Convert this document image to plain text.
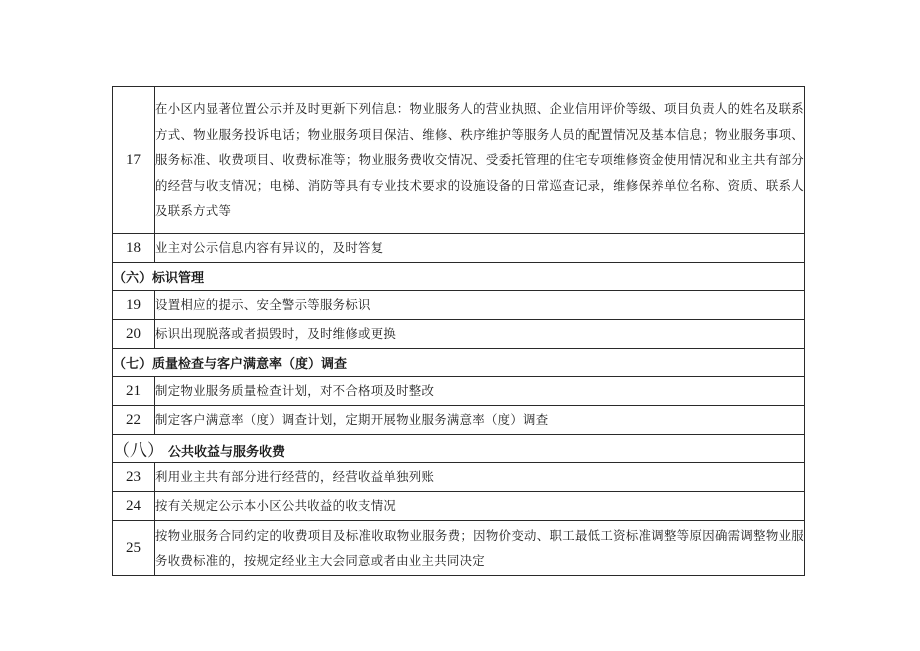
17	在小区内显著位置公示并及时更新下列信息：物业服务人的营业执照、企业信用评价等级、项目负责人的姓名及联系方式、物业服务投诉电话；物业服务项目保洁、维修、秩序维护等服务人员的配置情况及基本信息；物业服务事项、服务标准、收费项目、收费标准等；物业服务费收交情况、受委托管理的住宅专项维修资金使用情况和业主共有部分的经营与收支情况；电梯、消防等具有专业技术要求的设施设备的日常巡查记录，维修保养单位名称、资质、联系人及联系方式等
18	业主对公示信息内容有异议的，及时答复
（六）标识管理	
19	设置相应的提示、安全警示等服务标识
20	标识出现脱落或者损毁时，及时维修或更换
（七）质量检查与客户满意率（度）调查	
21	制定物业服务质量检查计划，对不合格项及时整改
22	制定客户满意率（度）调查计划，定期开展物业服务满意率（度）调查
（八） 公共收益与服务收费	
23	利用业主共有部分进行经营的，经营收益单独列账
24	按有关规定公示本小区公共收益的收支情况
25	按物业服务合同约定的收费项目及标准收取物业服务费；因物价变动、职工最低工资标准调整等原因确需调整物业服务收费标准的，按规定经业主大会同意或者由业主共同决定
